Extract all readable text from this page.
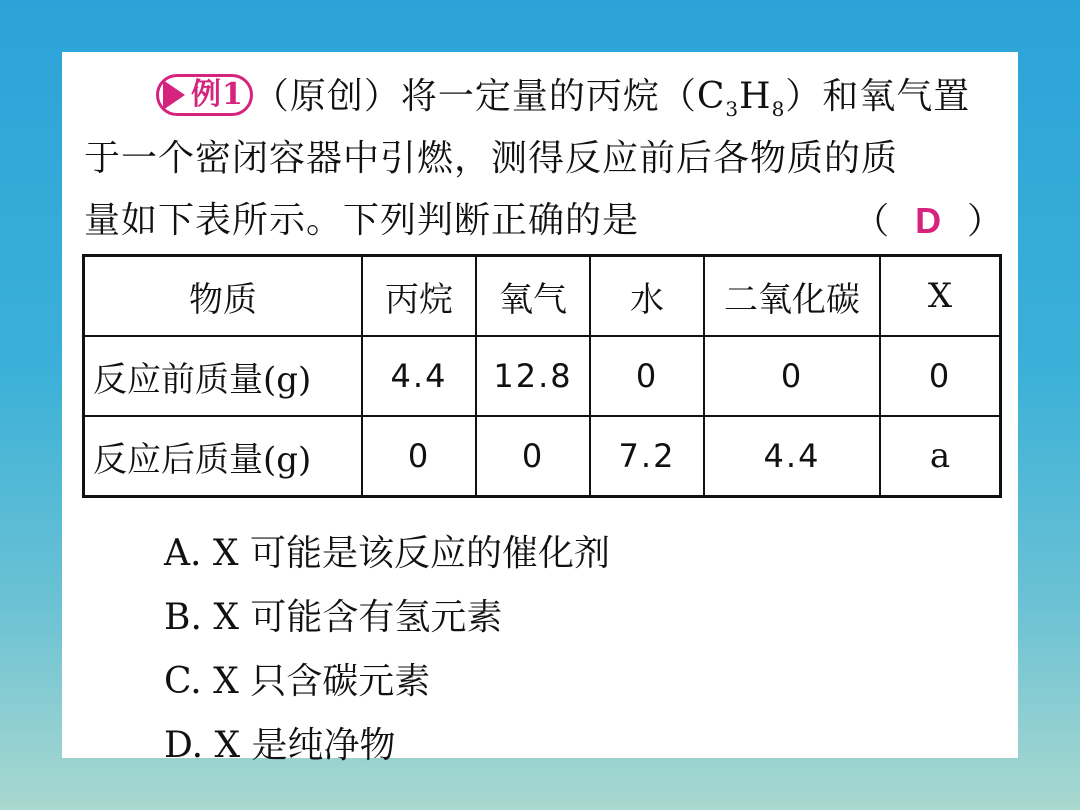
例1 （原创）将一定量的丙烷$(C_3H_8)$和氧气置
于一个密闭容器中引燃，测得反应前后各物质的质
量如下表所示。下列判断正确的是	（ D ）
物质	丙烷	氧气	水	二氧化碳	X
反应前质量(g)	4.4	12.8	0	0	0
反应后质量(g)	0	0	7.2	4.4	a
A. X 可能是该反应的催化剂
B. X 可能含有氢元素
C. X 只含碳元素
D. X 是纯净物
